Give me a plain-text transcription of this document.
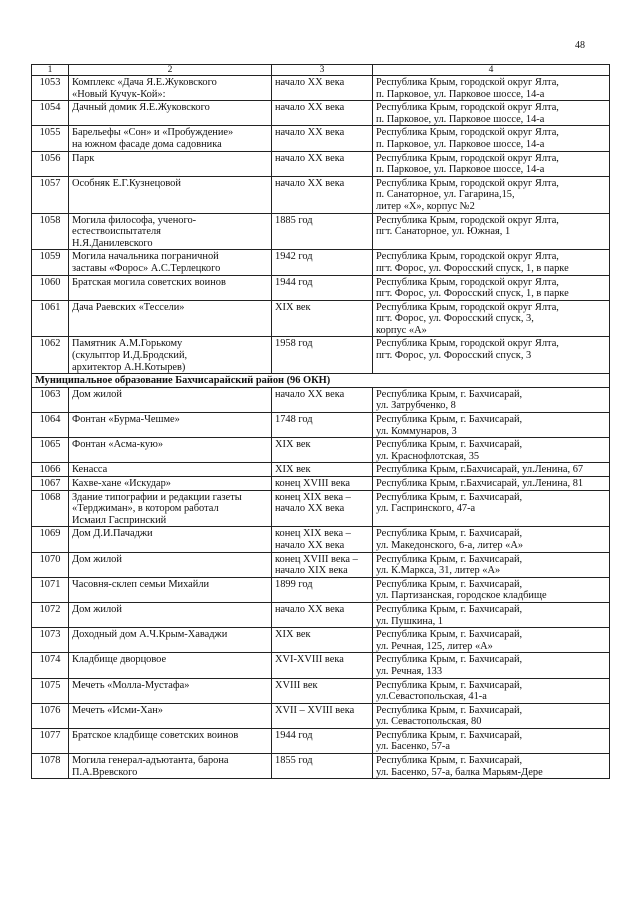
48
1	2	3	4
1053	Комплекс «Дача Я.Е.Жуковского
«Новый Кучук-Кой»:	начало XX века	Республика Крым, городской округ Ялта,
п. Парковое, ул. Парковое шоссе, 14-а
1054	Дачный домик Я.Е.Жуковского	начало XX века	Республика Крым, городской округ Ялта,
п. Парковое, ул. Парковое шоссе, 14-а
1055	Барельефы «Сон» и «Пробуждение»
на южном фасаде дома садовника	начало XX века	Республика Крым, городской округ Ялта,
п. Парковое, ул. Парковое шоссе, 14-а
1056	Парк	начало XX века	Республика Крым, городской округ Ялта,
п. Парковое, ул. Парковое шоссе, 14-а
1057	Особняк Е.Г.Кузнецовой	начало XX века	Республика Крым, городской округ Ялта,
п. Санаторное, ул. Гагарина,15,
литер «Х», корпус №2
1058	Могила философа, ученого-
естествоиспытателя
Н.Я.Данилевского	1885 год	Республика Крым, городской округ Ялта,
пгт. Санаторное, ул. Южная, 1
1059	Могила начальника пограничной
заставы «Форос» А.С.Терлецкого	1942 год	Республика Крым, городской округ Ялта,
пгт. Форос, ул. Форосский спуск, 1, в парке
1060	Братская могила советских воинов	1944 год	Республика Крым, городской округ Ялта,
пгт. Форос, ул. Форосский спуск, 1, в парке
1061	Дача Раевских «Тессели»	XIX век	Республика Крым, городской округ Ялта,
пгт. Форос, ул. Форосский спуск, 3,
корпус «А»
1062	Памятник А.М.Горькому
(скульптор И.Д.Бродский,
архитектор А.Н.Котырев)	1958 год	Республика Крым, городской округ Ялта,
пгт. Форос, ул. Форосский спуск, 3
Муниципальное образование Бахчисарайский район (96 ОКН)			
1063	Дом жилой	начало XX века	Республика Крым, г. Бахчисарай,
ул. Затрубченко, 8
1064	Фонтан «Бурма-Чешме»	1748 год	Республика Крым, г. Бахчисарай,
ул. Коммунаров, 3
1065	Фонтан «Асма-кую»	XIX век	Республика Крым, г. Бахчисарай,
ул. Краснофлотская, 35
1066	Кенасса	XIX век	Республика Крым, г.Бахчисарай, ул.Ленина, 67
1067	Кахве-хане «Искудар»	конец XVIII века	Республика Крым, г.Бахчисарай, ул.Ленина, 81
1068	Здание типографии и редакции газеты
«Терджиман», в котором работал
Исмаил Гаспринский	конец XIX века –
начало XX века	Республика Крым, г. Бахчисарай,
ул. Гаспринского, 47-а
1069	Дом Д.И.Пачаджи	конец XIX века –
начало XX века	Республика Крым, г. Бахчисарай,
ул. Македонского, 6-а, литер «А»
1070	Дом жилой	конец XVIII века –
начало XIX века	Республика Крым, г. Бахчисарай,
ул. К.Маркса, 31, литер «А»
1071	Часовня-склеп семьи Михайли	1899 год	Республика Крым, г. Бахчисарай,
ул. Партизанская, городское кладбище
1072	Дом жилой	начало XX века	Республика Крым, г. Бахчисарай,
ул. Пушкина, 1
1073	Доходный дом А.Ч.Крым-Хаваджи	XIX век	Республика Крым, г. Бахчисарай,
ул. Речная, 125, литер «А»
1074	Кладбище дворцовое	XVI-XVIII века	Республика Крым, г. Бахчисарай,
ул. Речная, 133
1075	Мечеть «Молла-Мустафа»	XVIII век	Республика Крым, г. Бахчисарай,
ул.Севастопольская, 41-а
1076	Мечеть «Исми-Хан»	XVII – XVIII века	Республика Крым, г. Бахчисарай,
ул. Севастопольская, 80
1077	Братское кладбище советских воинов	1944 год	Республика Крым, г. Бахчисарай,
ул. Басенко, 57-а
1078	Могила генерал-адъютанта, барона
П.А.Вревского	1855 год	Республика Крым, г. Бахчисарай,
ул. Басенко, 57-а, балка Марьям-Дере
